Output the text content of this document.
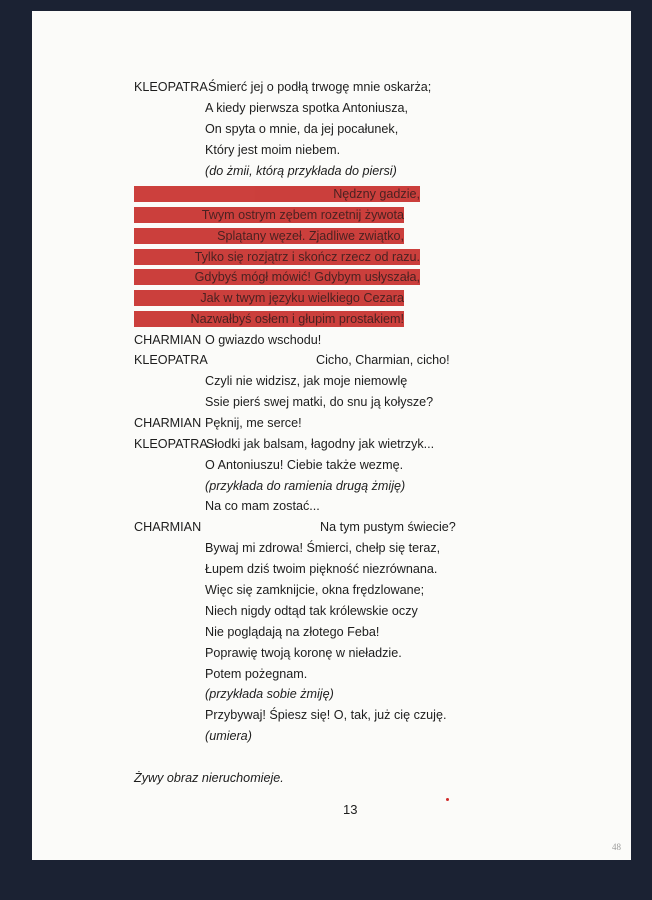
KLEOPATRA Śmierć jej o podłą trwogę mnie oskarża;
A kiedy pierwsza spotka Antoniusza,
On spyta o mnie, da jej pocałunek,
Który jest moim niebem.
(do żmii, którą przykłada do piersi)
Nędzny gadzie,
Twym ostrym zębem rozetnij żywota
Splątany węzeł. Zjadliwe zwiątko,
Tylko się rozjątrz i skończ rzecz od razu.
Gdybyś mógł mówić! Gdybym usłyszała,
Jak w twym języku wielkiego Cezara
Nazwałbyś osłem i głupim prostakiem!
CHARMIAN O gwiazdo wschodu!
KLEOPATRA	Cicho, Charmian, cicho!
Czyli nie widzisz, jak moje niemowlę
Ssie pierś swej matki, do snu ją kołysze?
CHARMIAN Pęknij, me serce!
KLEOPATRA
Słodki jak balsam, łagodny jak wietrzyk...
O Antoniuszu! Ciebie także wezmę.
(przykłada do ramienia drugą żmiję)
Na co mam zostać...
CHARMIAN	Na tym pustym świecie?
Bywaj mi zdrowa! Śmierci, chełp się teraz,
Łupem dziś twoim piękność niezrównana.
Więc się zamknijcie, okna frędzlowane;
Niech nigdy odtąd tak królewskie oczy
Nie poglądają na złotego Feba!
Poprawię twoją koronę w nieładzie.
Potem pożegnam.
(przykłada sobie żmiję)
Przybywaj! Śpiesz się! O, tak, już cię czuję.
(umiera)
Żywy obraz nieruchomieje.
13
48
